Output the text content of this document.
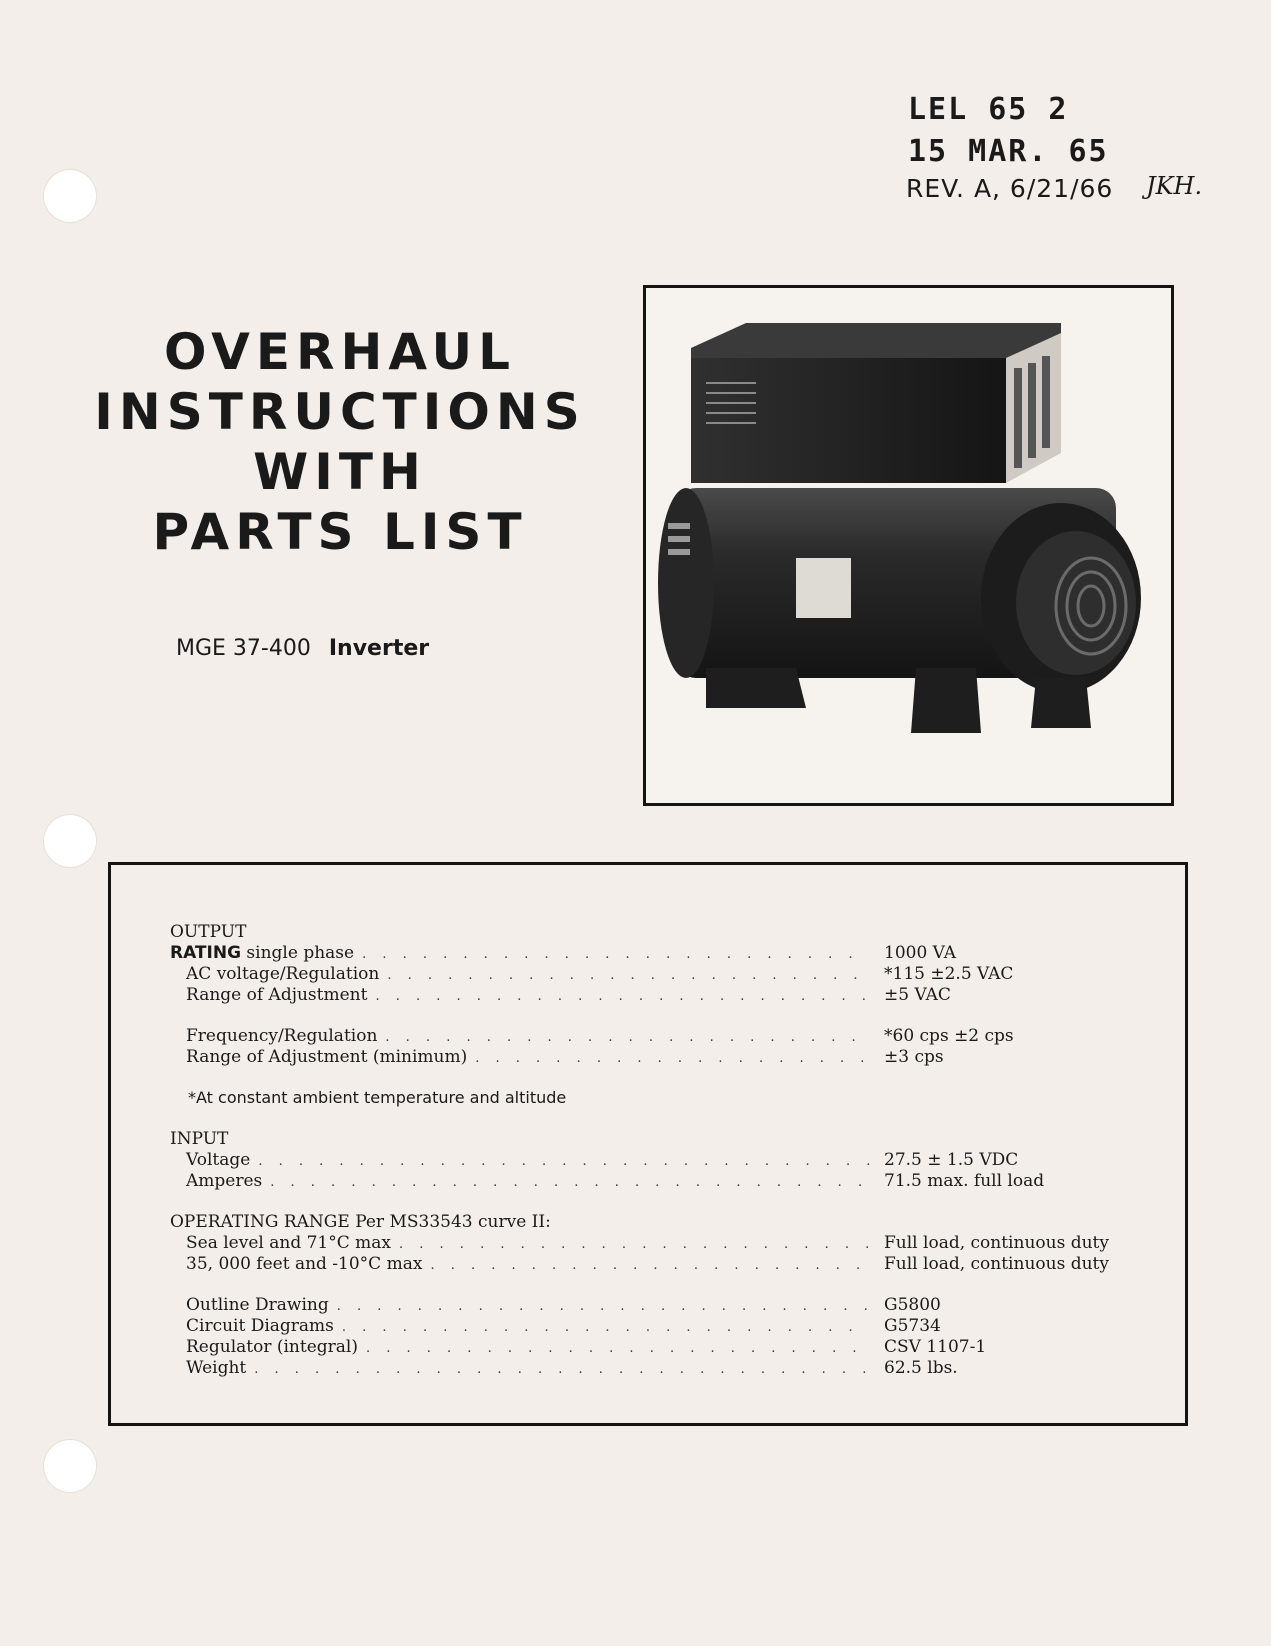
LEL 65 2
15 MAR. 65
REV. A, 6/21/66 JKH.
OVERHAUL
INSTRUCTIONS
WITH
PARTS LIST
MGE 37-400 Inverter
OUTPUT
RATING single phase . . .	1000 VA
AC voltage/Regulation . . .	*115 ±2.5 VAC
Range of Adjustment . . .	±5 VAC
Frequency/Regulation . . .	*60 cps ±2 cps
Range of Adjustment (minimum) . . .	±3 cps
*At constant ambient temperature and altitude
INPUT
Voltage . . .	27.5 ± 1.5 VDC
Amperes . . .	71.5 max. full load
OPERATING RANGE Per MS33543 curve II:
Sea level and 71°C max . . .	Full load, continuous duty
35, 000 feet and -10°C max . . .	Full load, continuous duty
Outline Drawing . . .	G5800
Circuit Diagrams . . .	G5734
Regulator (integral) . . .	CSV 1107-1
Weight . . .	62.5 lbs.
